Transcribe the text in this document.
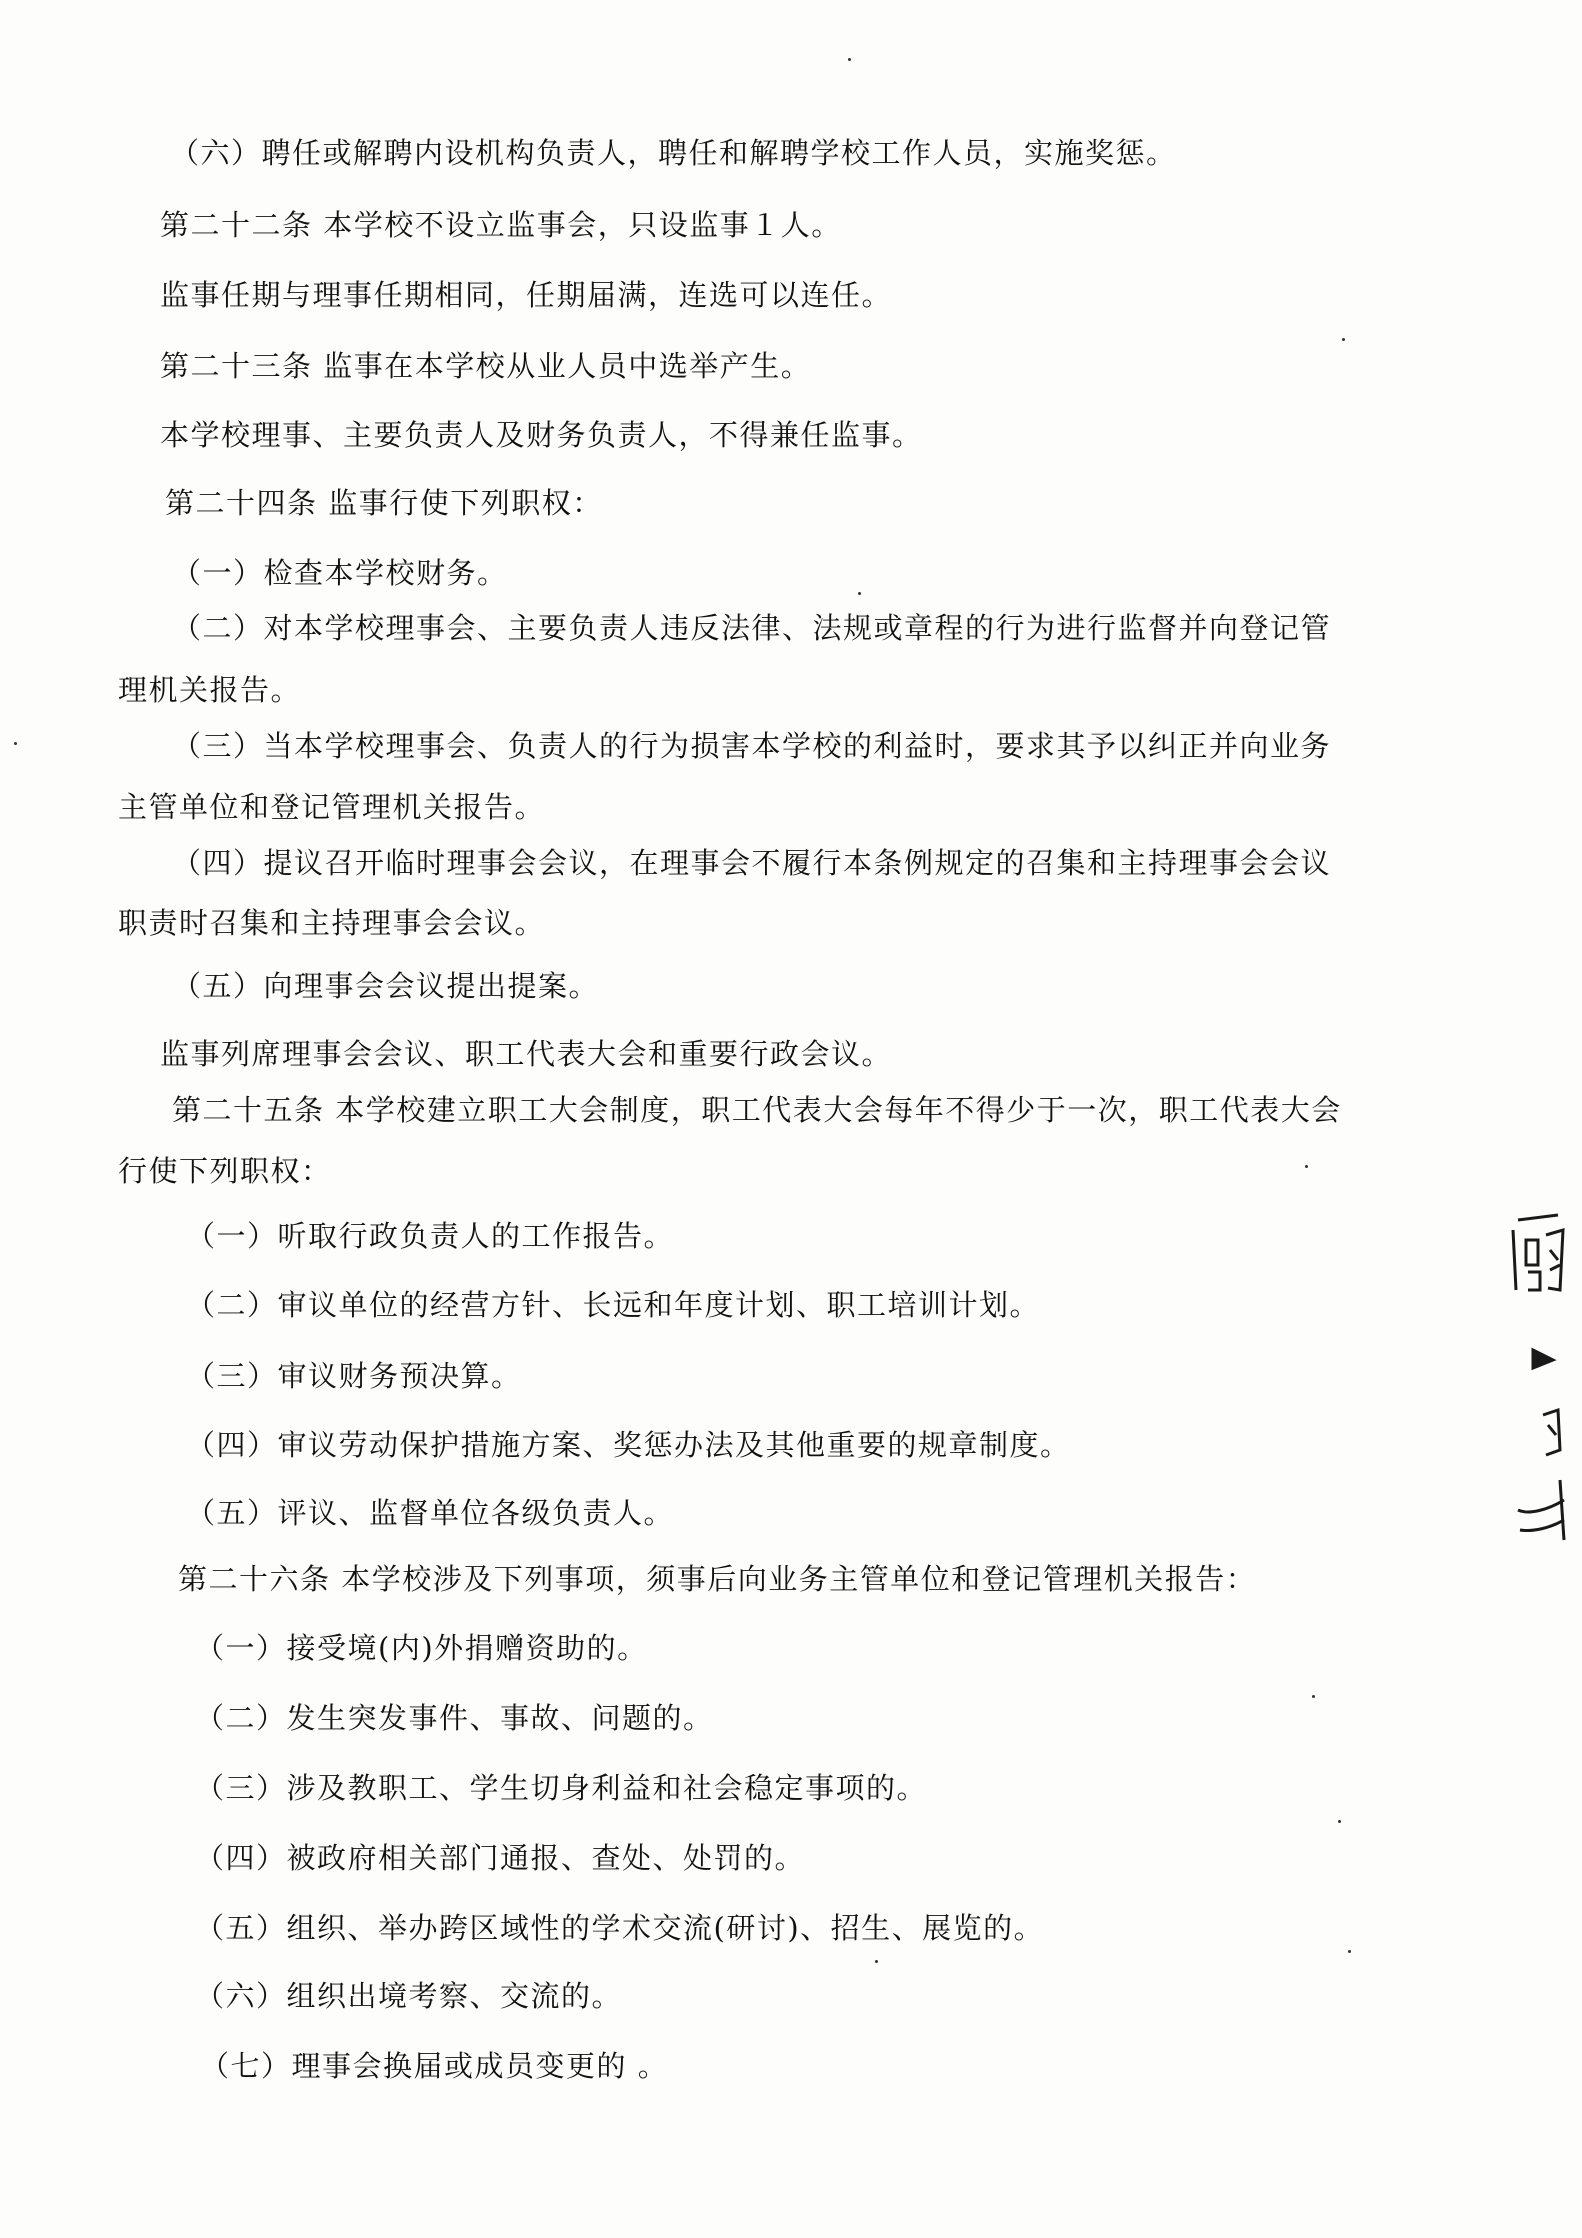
（六）聘任或解聘内设机构负责人，聘任和解聘学校工作人员，实施奖惩。
第二十二条 本学校不设立监事会，只设监事１人。
监事任期与理事任期相同，任期届满，连选可以连任。
第二十三条 监事在本学校从业人员中选举产生。
本学校理事、主要负责人及财务负责人，不得兼任监事。
第二十四条 监事行使下列职权：
（一）检查本学校财务。
（二）对本学校理事会、主要负责人违反法律、法规或章程的行为进行监督并向登记管
理机关报告。
（三）当本学校理事会、负责人的行为损害本学校的利益时，要求其予以纠正并向业务
主管单位和登记管理机关报告。
（四）提议召开临时理事会会议，在理事会不履行本条例规定的召集和主持理事会会议
职责时召集和主持理事会会议。
（五）向理事会会议提出提案。
监事列席理事会会议、职工代表大会和重要行政会议。
第二十五条 本学校建立职工大会制度，职工代表大会每年不得少于一次，职工代表大会
行使下列职权：
（一）听取行政负责人的工作报告。
（二）审议单位的经营方针、长远和年度计划、职工培训计划。
（三）审议财务预决算。
（四）审议劳动保护措施方案、奖惩办法及其他重要的规章制度。
（五）评议、监督单位各级负责人。
第二十六条 本学校涉及下列事项，须事后向业务主管单位和登记管理机关报告：
（一）接受境(内)外捐赠资助的。
（二）发生突发事件、事故、问题的。
（三）涉及教职工、学生切身利益和社会稳定事项的。
（四）被政府相关部门通报、查处、处罚的。
（五）组织、举办跨区域性的学术交流(研讨)、招生、展览的。
（六）组织出境考察、交流的。
（七）理事会换届或成员变更的 。
